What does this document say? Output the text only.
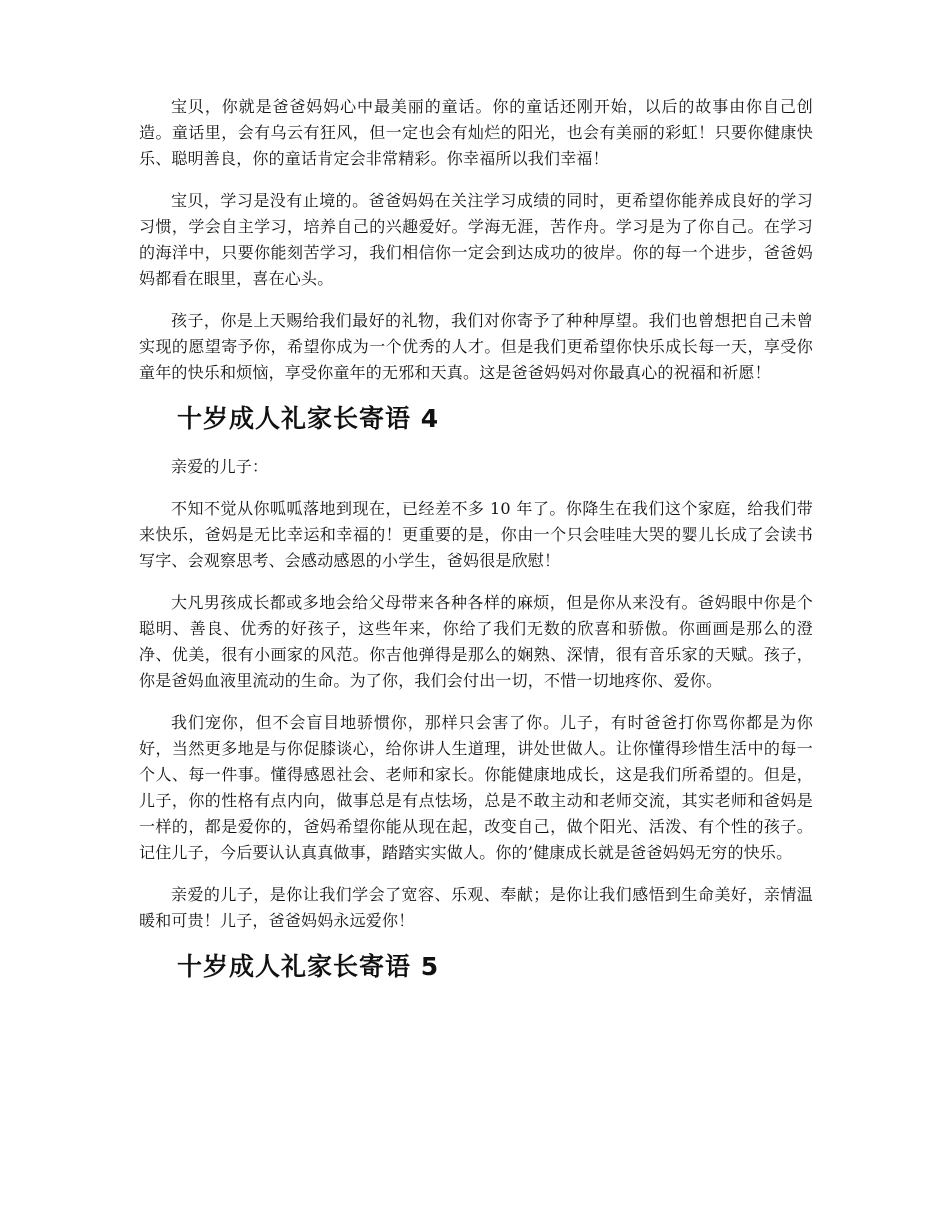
宝贝，你就是爸爸妈妈心中最美丽的童话。你的童话还刚开始，以后的故事由你自己创造。童话里，会有乌云有狂风，但一定也会有灿烂的阳光，也会有美丽的彩虹！只要你健康快乐、聪明善良，你的童话肯定会非常精彩。你幸福所以我们幸福！

宝贝，学习是没有止境的。爸爸妈妈在关注学习成绩的同时，更希望你能养成良好的学习习惯，学会自主学习，培养自己的兴趣爱好。学海无涯，苦作舟。学习是为了你自己。在学习的海洋中，只要你能刻苦学习，我们相信你一定会到达成功的彼岸。你的每一个进步，爸爸妈妈都看在眼里，喜在心头。

孩子，你是上天赐给我们最好的礼物，我们对你寄予了种种厚望。我们也曾想把自己未曾实现的愿望寄予你，希望你成为一个优秀的人才。但是我们更希望你快乐成长每一天，享受你童年的快乐和烦恼，享受你童年的无邪和天真。这是爸爸妈妈对你最真心的祝福和祈愿！

十岁成人礼家长寄语 4

亲爱的儿子：

不知不觉从你呱呱落地到现在，已经差不多 10 年了。你降生在我们这个家庭，给我们带来快乐，爸妈是无比幸运和幸福的！更重要的是，你由一个只会哇哇大哭的婴儿长成了会读书写字、会观察思考、会感动感恩的小学生，爸妈很是欣慰！

大凡男孩成长都或多地会给父母带来各种各样的麻烦，但是你从来没有。爸妈眼中你是个聪明、善良、优秀的好孩子，这些年来，你给了我们无数的欣喜和骄傲。你画画是那么的澄净、优美，很有小画家的风范。你吉他弹得是那么的娴熟、深情，很有音乐家的天赋。孩子，你是爸妈血液里流动的生命。为了你，我们会付出一切，不惜一切地疼你、爱你。

我们宠你，但不会盲目地骄惯你，那样只会害了你。儿子，有时爸爸打你骂你都是为你好，当然更多地是与你促膝谈心，给你讲人生道理，讲处世做人。让你懂得珍惜生活中的每一个人、每一件事。懂得感恩社会、老师和家长。你能健康地成长，这是我们所希望的。但是，儿子，你的性格有点内向，做事总是有点怯场，总是不敢主动和老师交流，其实老师和爸妈是一样的，都是爱你的，爸妈希望你能从现在起，改变自己，做个阳光、活泼、有个性的孩子。记住儿子，今后要认认真真做事，踏踏实实做人。你的’健康成长就是爸爸妈妈无穷的快乐。

亲爱的儿子，是你让我们学会了宽容、乐观、奉献；是你让我们感悟到生命美好，亲情温暖和可贵！儿子，爸爸妈妈永远爱你！

十岁成人礼家长寄语 5
